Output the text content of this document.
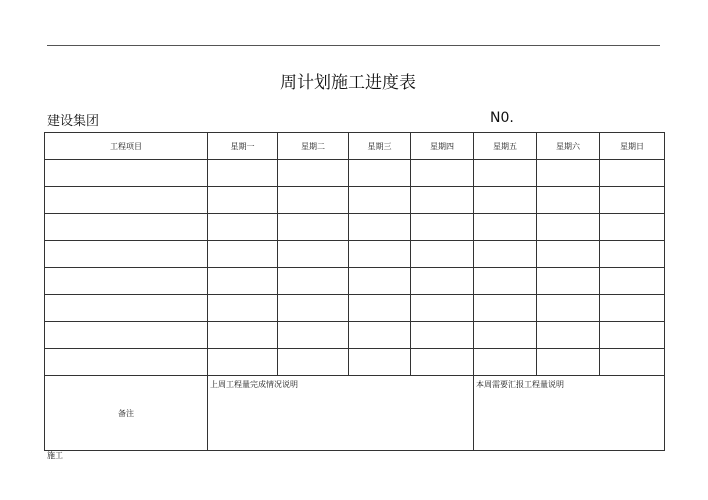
周计划施工进度表
建设集团	N0.
工程项目	星期一	星期二	星期三	星期四	星期五	星期六	星期日

备注	上周工程量完成情况说明				本周需要汇报工程量说明		
施工
